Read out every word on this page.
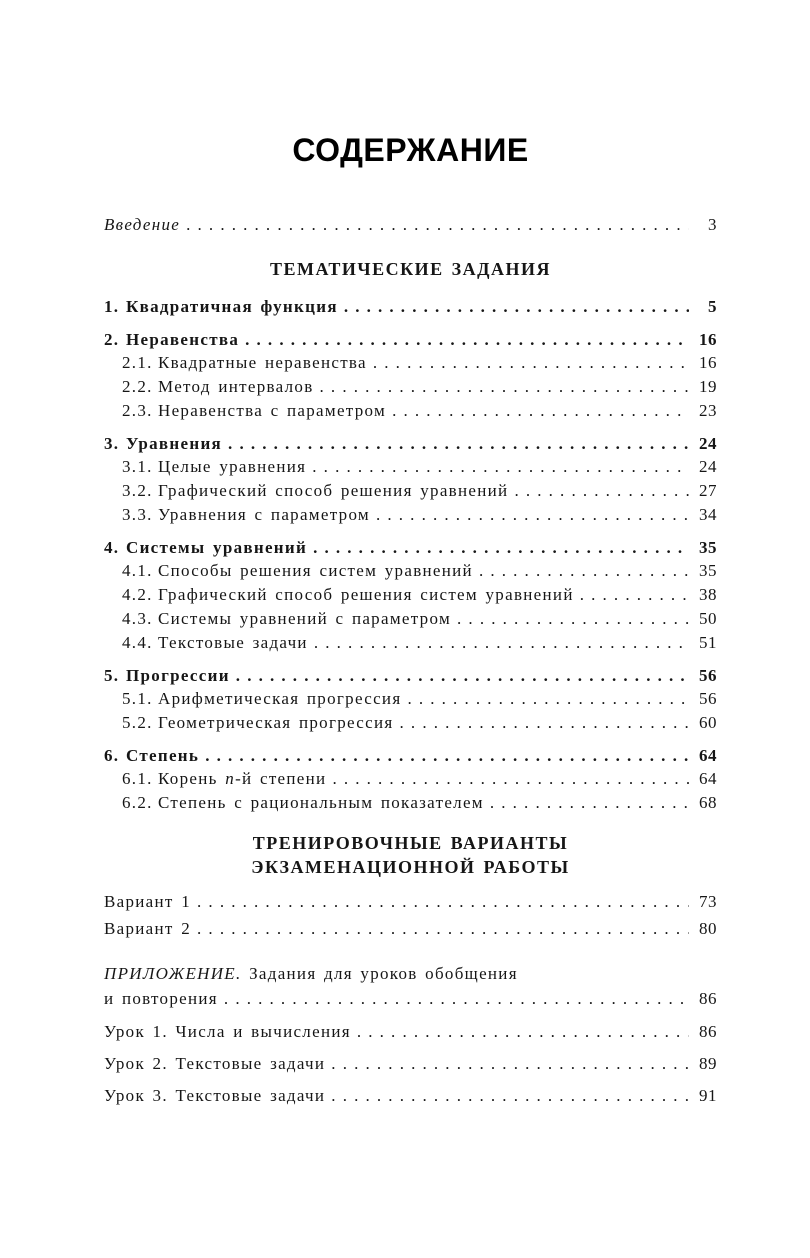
СОДЕРЖАНИЕ
Введение . . .	3
ТЕМАТИЧЕСКИЕ ЗАДАНИЯ
1. Квадратичная функция . . .	5
2. Неравенства . . .	16
2.1. Квадратные неравенства . . .	16
2.2. Метод интервалов . . .	19
2.3. Неравенства с параметром . . .	23
3. Уравнения . . .	24
3.1. Целые уравнения . . .	24
3.2. Графический способ решения уравнений . . .	27
3.3. Уравнения с параметром . . .	34
4. Системы уравнений . . .	35
4.1. Способы решения систем уравнений . . .	35
4.2. Графический способ решения систем уравнений . . .	38
4.3. Системы уравнений с параметром . . .	50
4.4. Текстовые задачи . . .	51
5. Прогрессии . . .	56
5.1. Арифметическая прогрессия . . .	56
5.2. Геометрическая прогрессия . . .	60
6. Степень . . .	64
6.1. Корень n-й степени . . .	64
6.2. Степень с рациональным показателем . . .	68
ТРЕНИРОВОЧНЫЕ ВАРИАНТЫ
ЭКЗАМЕНАЦИОННОЙ РАБОТЫ
Вариант 1 . . .	73
Вариант 2 . . .	80
ПРИЛОЖЕНИЕ. Задания для уроков обобщения
и повторения . . .	86
Урок 1. Числа и вычисления . . .	86
Урок 2. Текстовые задачи . . .	89
Урок 3. Текстовые задачи . . .	91
